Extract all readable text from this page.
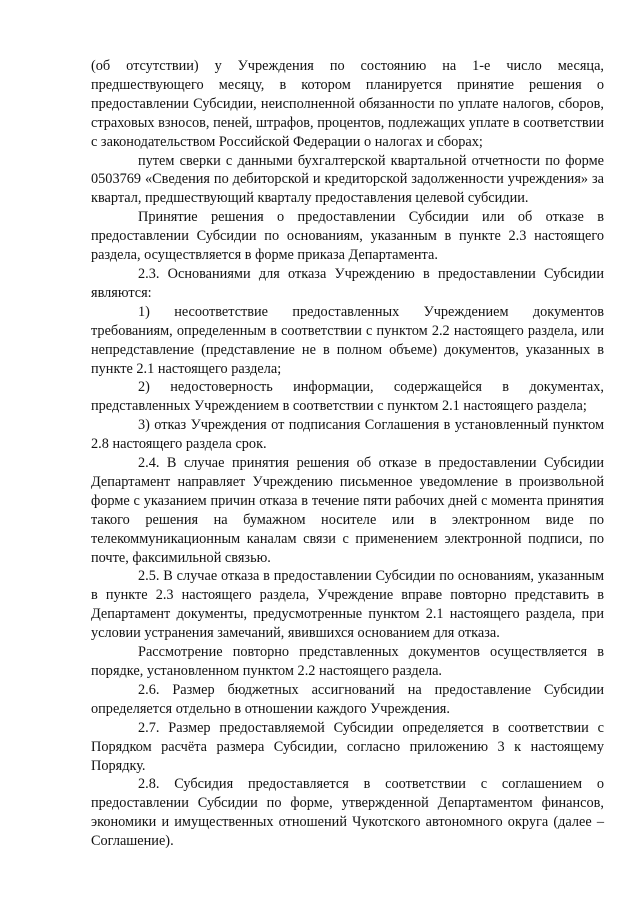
(об отсутствии) у Учреждения по состоянию на 1-е число месяца, предшествующего месяцу, в котором планируется принятие решения о предоставлении Субсидии, неисполненной обязанности по уплате налогов, сборов, страховых взносов, пеней, штрафов, процентов, подлежащих уплате в соответствии с законодательством Российской Федерации о налогах и сборах;

путем сверки с данными бухгалтерской квартальной отчетности по форме 0503769 «Сведения по дебиторской и кредиторской задолженности учреждения» за квартал, предшествующий кварталу предоставления целевой субсидии.

Принятие решения о предоставлении Субсидии или об отказе в предоставлении Субсидии по основаниям, указанным в пункте 2.3 настоящего раздела, осуществляется в форме приказа Департамента.

2.3. Основаниями для отказа Учреждению в предоставлении Субсидии являются:

1) несоответствие предоставленных Учреждением документов требованиям, определенным в соответствии с пунктом 2.2 настоящего раздела, или непредставление (представление не в полном объеме) документов, указанных в пункте 2.1 настоящего раздела;

2) недостоверность информации, содержащейся в документах, представленных Учреждением в соответствии с пунктом 2.1 настоящего раздела;

3) отказ Учреждения от подписания Соглашения в установленный пунктом 2.8 настоящего раздела срок.

2.4. В случае принятия решения об отказе в предоставлении Субсидии Департамент направляет Учреждению письменное уведомление в произвольной форме с указанием причин отказа в течение пяти рабочих дней с момента принятия такого решения на бумажном носителе или в электронном виде по телекоммуникационным каналам связи с применением электронной подписи, по почте, факсимильной связью.

2.5. В случае отказа в предоставлении Субсидии по основаниям, указанным в пункте 2.3 настоящего раздела, Учреждение вправе повторно представить в Департамент документы, предусмотренные пунктом 2.1 настоящего раздела, при условии устранения замечаний, явившихся основанием для отказа.

Рассмотрение повторно представленных документов осуществляется в порядке, установленном пунктом 2.2 настоящего раздела.

2.6. Размер бюджетных ассигнований на предоставление Субсидии определяется отдельно в отношении каждого Учреждения.

2.7. Размер предоставляемой Субсидии определяется в соответствии с Порядком расчёта размера Субсидии, согласно приложению 3 к настоящему Порядку.

2.8. Субсидия предоставляется в соответствии с соглашением о предоставлении Субсидии по форме, утвержденной Департаментом финансов, экономики и имущественных отношений Чукотского автономного округа (далее – Соглашение).
